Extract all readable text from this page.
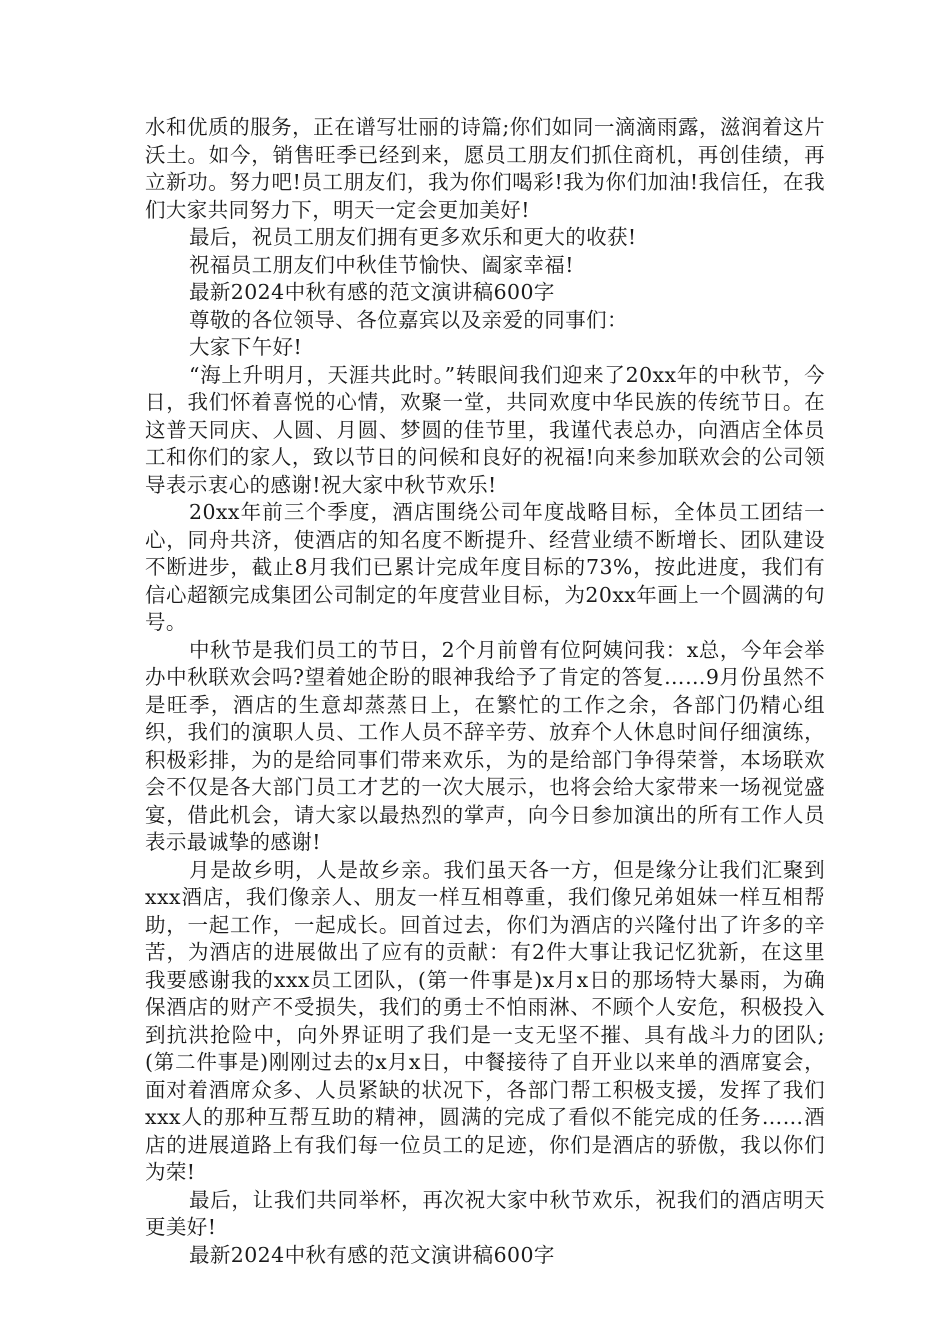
水和优质的服务，正在谱写壮丽的诗篇;你们如同一滴滴雨露，滋润着这片沃土。如今，销售旺季已经到来，愿员工朋友们抓住商机，再创佳绩，再立新功。努力吧!员工朋友们，我为你们喝彩!我为你们加油!我信任，在我们大家共同努力下，明天一定会更加美好!

最后，祝员工朋友们拥有更多欢乐和更大的收获!

祝福员工朋友们中秋佳节愉快、阖家幸福!

最新2024中秋有感的范文演讲稿600字

尊敬的各位领导、各位嘉宾以及亲爱的同事们：

大家下午好!

“海上升明月，天涯共此时。”转眼间我们迎来了20xx年的中秋节，今日，我们怀着喜悦的心情，欢聚一堂，共同欢度中华民族的传统节日。在这普天同庆、人圆、月圆、梦圆的佳节里，我谨代表总办，向酒店全体员工和你们的家人，致以节日的问候和良好的祝福!向来参加联欢会的公司领导表示衷心的感谢!祝大家中秋节欢乐!

20xx年前三个季度，酒店围绕公司年度战略目标，全体员工团结一心，同舟共济，使酒店的知名度不断提升、经营业绩不断增长、团队建设不断进步，截止8月我们已累计完成年度目标的73%，按此进度，我们有信心超额完成集团公司制定的年度营业目标，为20xx年画上一个圆满的句号。

中秋节是我们员工的节日，2个月前曾有位阿姨问我：x总，今年会举办中秋联欢会吗?望着她企盼的眼神我给予了肯定的答复……9月份虽然不是旺季，酒店的生意却蒸蒸日上，在繁忙的工作之余，各部门仍精心组织，我们的演职人员、工作人员不辞辛劳、放弃个人休息时间仔细演练，积极彩排，为的是给同事们带来欢乐，为的是给部门争得荣誉，本场联欢会不仅是各大部门员工才艺的一次大展示，也将会给大家带来一场视觉盛宴，借此机会，请大家以最热烈的掌声，向今日参加演出的所有工作人员表示最诚挚的感谢!

月是故乡明，人是故乡亲。我们虽天各一方，但是缘分让我们汇聚到xxx酒店，我们像亲人、朋友一样互相尊重，我们像兄弟姐妹一样互相帮助，一起工作，一起成长。回首过去，你们为酒店的兴隆付出了许多的辛苦，为酒店的进展做出了应有的贡献：有2件大事让我记忆犹新，在这里我要感谢我的xxx员工团队，(第一件事是)x月x日的那场特大暴雨，为确保酒店的财产不受损失，我们的勇士不怕雨淋、不顾个人安危，积极投入到抗洪抢险中，向外界证明了我们是一支无坚不摧、具有战斗力的团队;(第二件事是)刚刚过去的x月x日，中餐接待了自开业以来单的酒席宴会，面对着酒席众多、人员紧缺的状况下，各部门帮工积极支援，发挥了我们xxx人的那种互帮互助的精神，圆满的完成了看似不能完成的任务……酒店的进展道路上有我们每一位员工的足迹，你们是酒店的骄傲，我以你们为荣!

最后，让我们共同举杯，再次祝大家中秋节欢乐，祝我们的酒店明天更美好!

最新2024中秋有感的范文演讲稿600字
